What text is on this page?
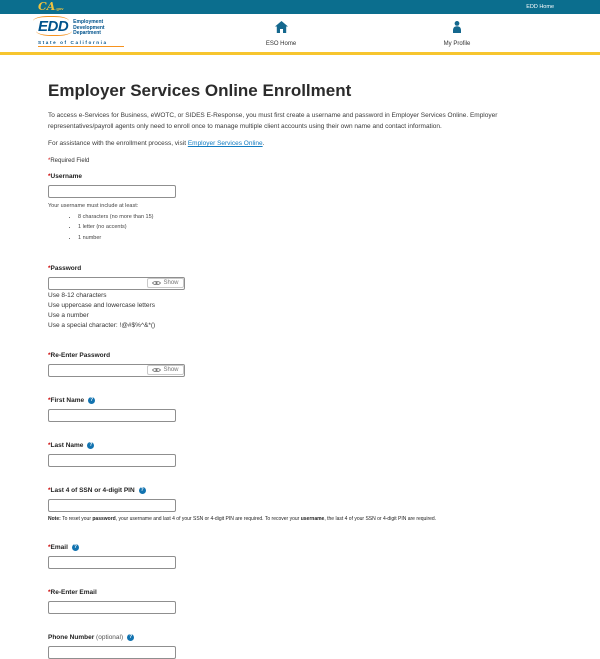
CA.gov	EDD Home
EDD Employment
Development
Department
State of California	ESO Home	My Profile
Employer Services Online Enrollment

To access e-Services for Business, eWOTC, or SIDES E-Response, you must first create a username and password in Employer Services Online. Employer representatives/payroll agents only need to enroll once to manage multiple client accounts using their own name and contact information.

For assistance with the enrollment process, visit Employer Services Online.

*Required Field
*Username
Your username must include at least:
• 8 characters (no more than 15)
• 1 letter (no accents)
• 1 number
*Password
Show
Use 8-12 characters
Use uppercase and lowercase letters
Use a number
Use a special character: !@#$%^&*()
*Re-Enter Password
Show
*First Name ?
*Last Name ?
*Last 4 of SSN or 4-digit PIN ?
Note: To reset your password, your username and last 4 of your SSN or 4-digit PIN are required. To recover your username, the last 4 of your SSN or 4-digit PIN are required.
*Email ?
*Re-Enter Email
Phone Number (optional) ?
